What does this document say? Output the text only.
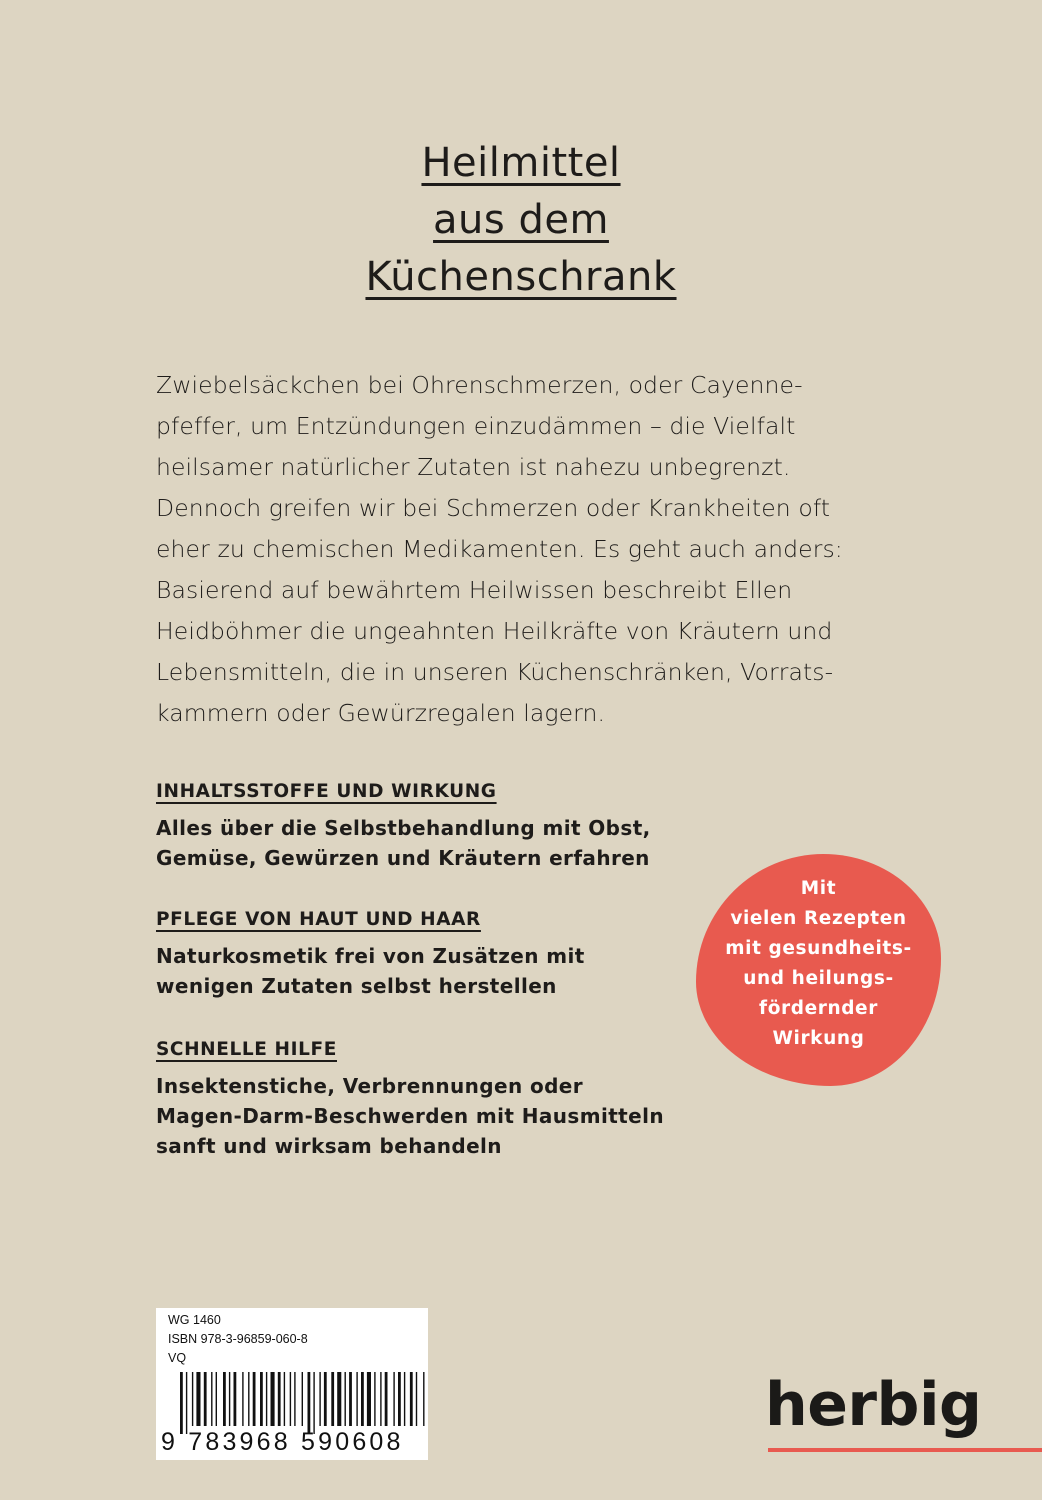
Heilmittel
aus dem
Küchenschrank
Zwiebelsäckchen bei Ohrenschmerzen, oder Cayenne-
pfeffer, um Entzündungen einzudämmen – die Vielfalt
heilsamer natürlicher Zutaten ist nahezu unbegrenzt.
Dennoch greifen wir bei Schmerzen oder Krankheiten oft
eher zu chemischen Medikamenten. Es geht auch anders:
Basierend auf bewährtem Heilwissen beschreibt Ellen
Heidböhmer die ungeahnten Heilkräfte von Kräutern und
Lebensmitteln, die in unseren Küchenschränken, Vorrats-
kammern oder Gewürzregalen lagern.
INHALTSSTOFFE UND WIRKUNG
Alles über die Selbstbehandlung mit Obst,
Gemüse, Gewürzen und Kräutern erfahren
PFLEGE VON HAUT UND HAAR
Naturkosmetik frei von Zusätzen mit
wenigen Zutaten selbst herstellen
SCHNELLE HILFE
Insektenstiche, Verbrennungen oder
Magen-Darm-Beschwerden mit Hausmitteln
sanft und wirksam behandeln
Mit
vielen Rezepten
mit gesundheits-
und heilungs-
fördernder
Wirkung
WG 1460
ISBN 978-3-96859-060-8
VQ
9 783968 590608
herbig
